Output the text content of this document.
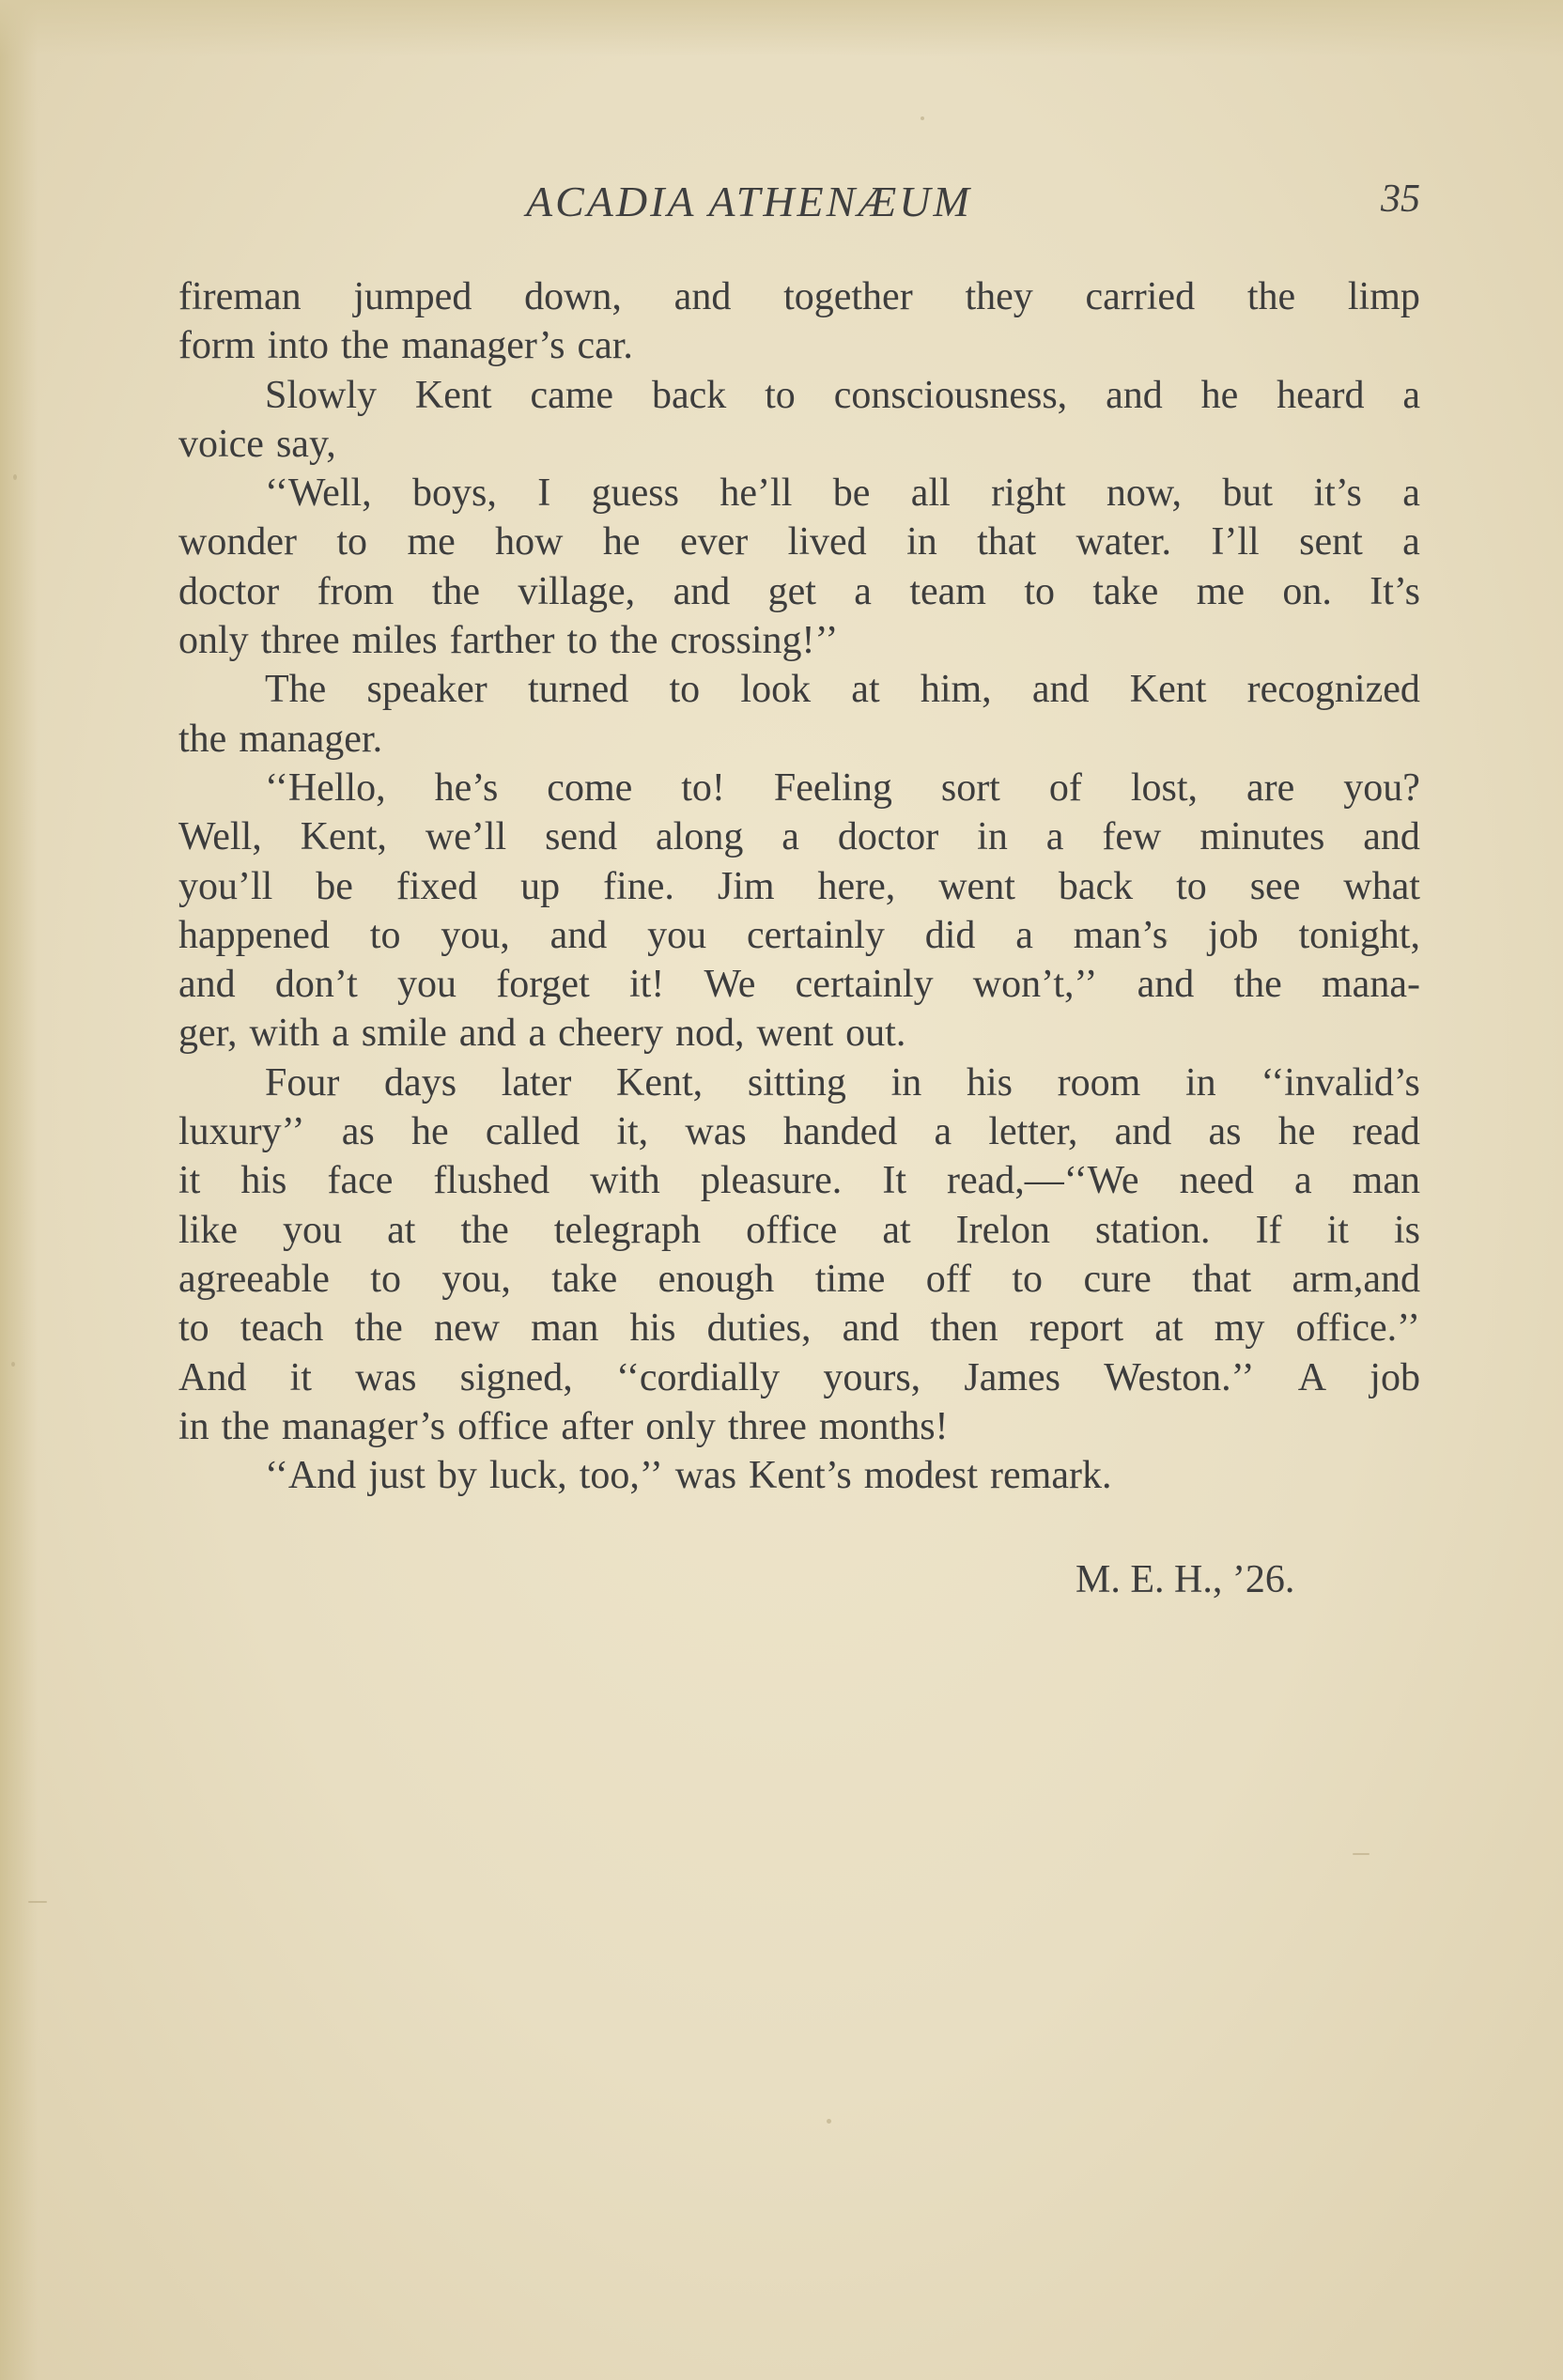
ACADIA ATHENÆUM	35
fireman jumped down, and together they carried the limp
form into the manager’s car.
Slowly Kent came back to consciousness, and he heard a
voice say,
‘‘Well, boys, I guess he’ll be all right now, but it’s a
wonder to me how he ever lived in that water. I’ll sent a
doctor from the village, and get a team to take me on. It’s
only three miles farther to the crossing!’’
The speaker turned to look at him, and Kent recognized
the manager.
‘‘Hello, he’s come to! Feeling sort of lost, are you?
Well, Kent, we’ll send along a doctor in a few minutes and
you’ll be fixed up fine. Jim here, went back to see what
happened to you, and you certainly did a man’s job tonight,
and don’t you forget it! We certainly won’t,’’ and the mana-
ger, with a smile and a cheery nod, went out.
Four days later Kent, sitting in his room in ‘‘invalid’s
luxury’’ as he called it, was handed a letter, and as he read
it his face flushed with pleasure. It read,—‘‘We need a man
like you at the telegraph office at Irelon station. If it is
agreeable to you, take enough time off to cure that arm,and
to teach the new man his duties, and then report at my office.’’
And it was signed, ‘‘cordially yours, James Weston.’’ A job
in the manager’s office after only three months!
‘‘And just by luck, too,’’ was Kent’s modest remark.
M. E. H., ’26.
